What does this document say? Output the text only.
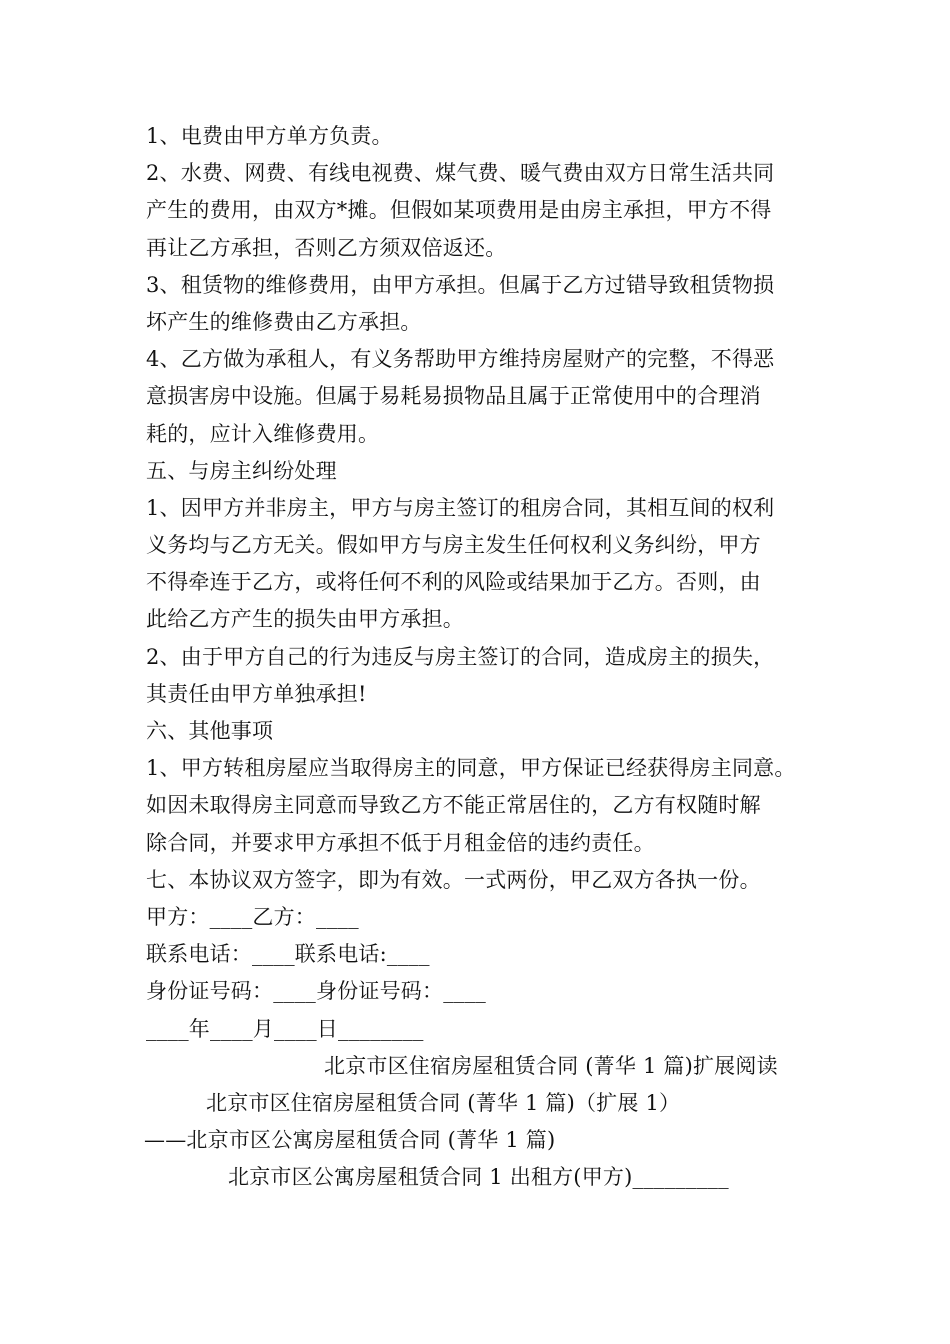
1、电费由甲方单方负责。
2、水费、网费、有线电视费、煤气费、暖气费由双方日常生活共同
产生的费用，由双方*摊。但假如某项费用是由房主承担，甲方不得
再让乙方承担，否则乙方须双倍返还。
3、租赁物的维修费用，由甲方承担。但属于乙方过错导致租赁物损
坏产生的维修费由乙方承担。
4、乙方做为承租人，有义务帮助甲方维持房屋财产的完整，不得恶
意损害房中设施。但属于易耗易损物品且属于正常使用中的合理消
耗的，应计入维修费用。
五、与房主纠纷处理
1、因甲方并非房主，甲方与房主签订的租房合同，其相互间的权利
义务均与乙方无关。假如甲方与房主发生任何权利义务纠纷，甲方
不得牵连于乙方，或将任何不利的风险或结果加于乙方。否则，由
此给乙方产生的损失由甲方承担。
2、由于甲方自己的行为违反与房主签订的合同，造成房主的损失，
其责任由甲方单独承担!
六、其他事项
1、甲方转租房屋应当取得房主的同意，甲方保证已经获得房主同意。
如因未取得房主同意而导致乙方不能正常居住的，乙方有权随时解
除合同，并要求甲方承担不低于月租金倍的违约责任。
七、本协议双方签字，即为有效。一式两份，甲乙双方各执一份。
甲方：____乙方：____
联系电话：____联系电话:____
身份证号码：____身份证号码：____
____年____月____日________
北京市区住宿房屋租赁合同 (菁华 1 篇)扩展阅读
北京市区住宿房屋租赁合同 (菁华 1 篇)（扩展 1）
——北京市区公寓房屋租赁合同 (菁华 1 篇)
北京市区公寓房屋租赁合同 1 出租方(甲方)_________
